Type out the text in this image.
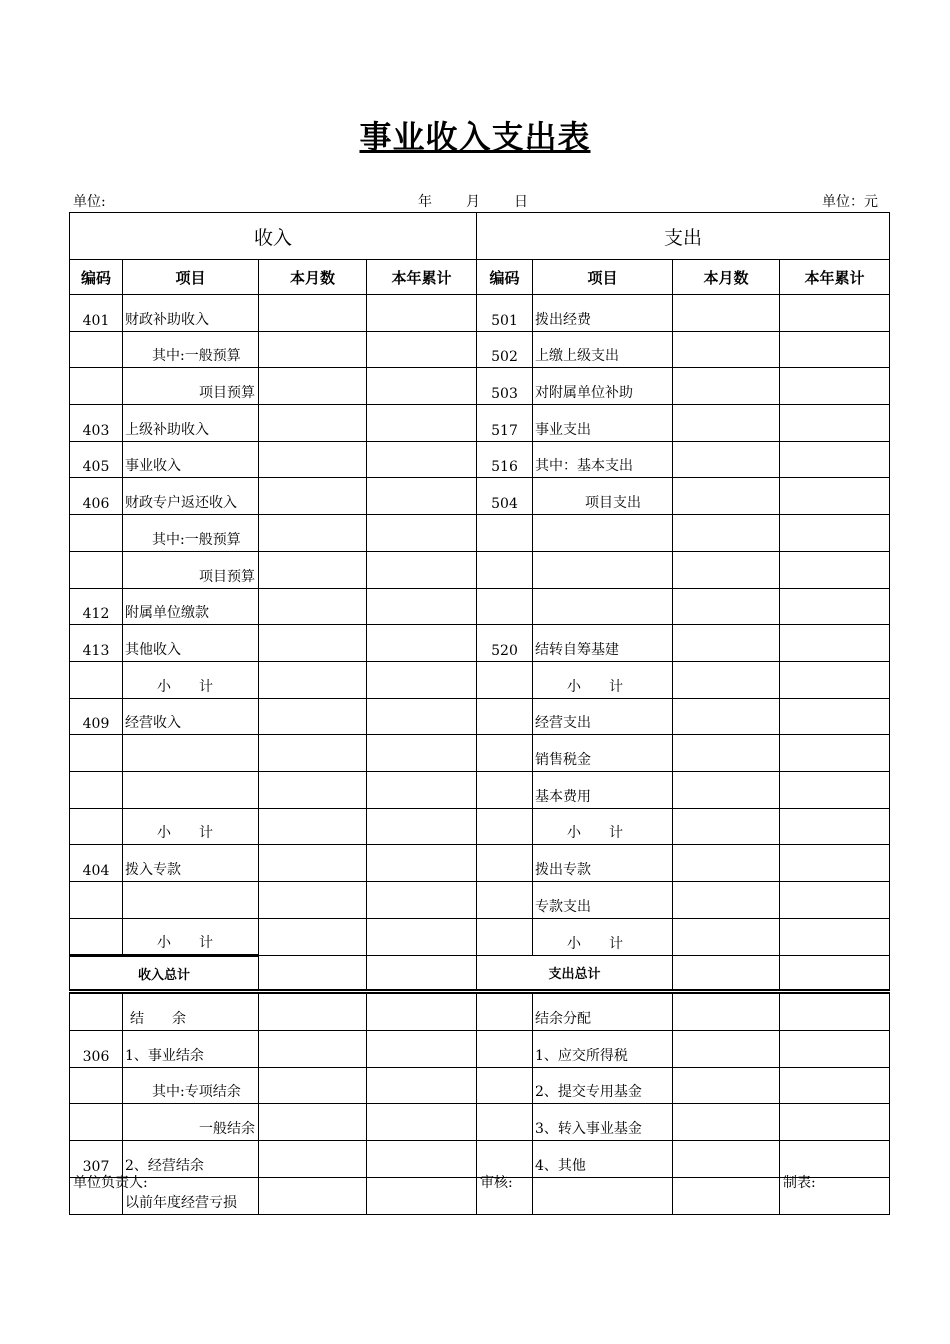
事业收入支出表
单位:	年 月 日	单位：元
收入				支出			
编码	项目	本月数	本年累计	编码	项目	本月数	本年累计
401	财政补助收入			501	拨出经费		
	其中:一般预算			502	上缴上级支出		
	项目预算			503	对附属单位补助		
403	上级补助收入			517	事业支出		
405	事业收入			516	其中：基本支出		
406	财政专户返还收入			504	项目支出		
	其中:一般预算						
	项目预算						
412	附属单位缴款						
413	其他收入			520	结转自筹基建		
	小　　计				小　　计		
409	经营收入				经营支出		
					销售税金		
					基本费用		
	小　　计				小　　计		
404	拨入专款				拨出专款		
					专款支出		
	小　　计				小　　计		
收入总计				支出总计			
	结　　余				结余分配		
306	1、事业结余				1、应交所得税		
	其中:专项结余				2、提交专用基金		
	一般结余				3、转入事业基金		
307	2、经营结余				4、其他		
	以前年度经营亏损						
单位负责人:	审核:	制表:
